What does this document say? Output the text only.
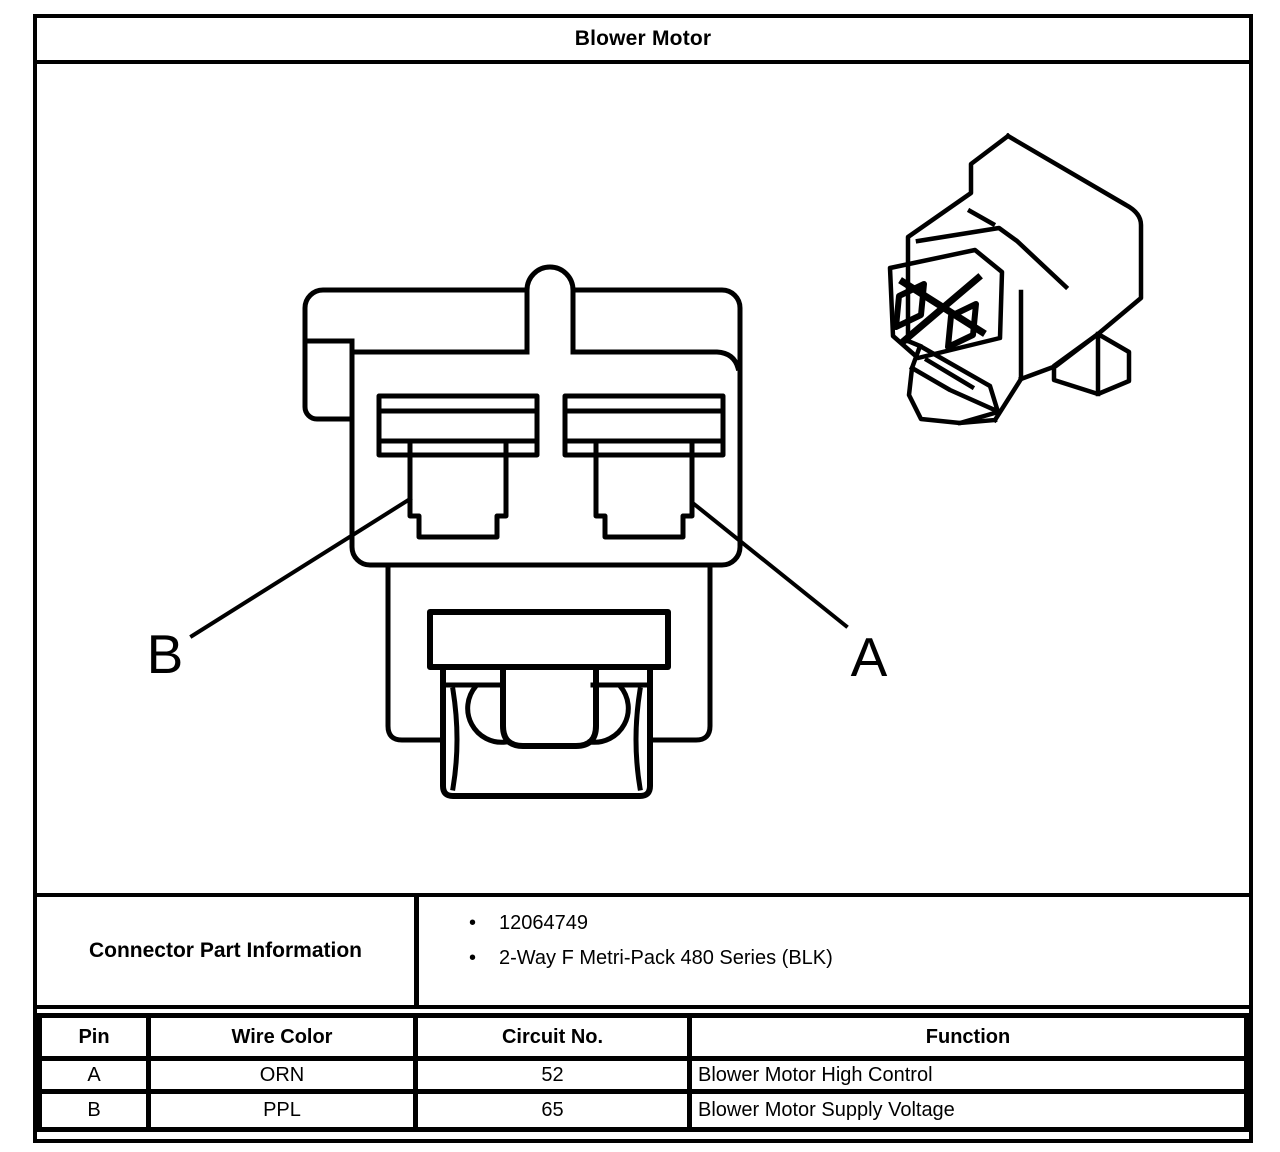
Blower Motor
B	A
Connector Part Information
•	12064749
•	2-Way F Metri-Pack 480 Series (BLK)
Pin	Wire Color	Circuit No.	Function
A	ORN	52	Blower Motor High Control
B	PPL	65	Blower Motor Supply Voltage
